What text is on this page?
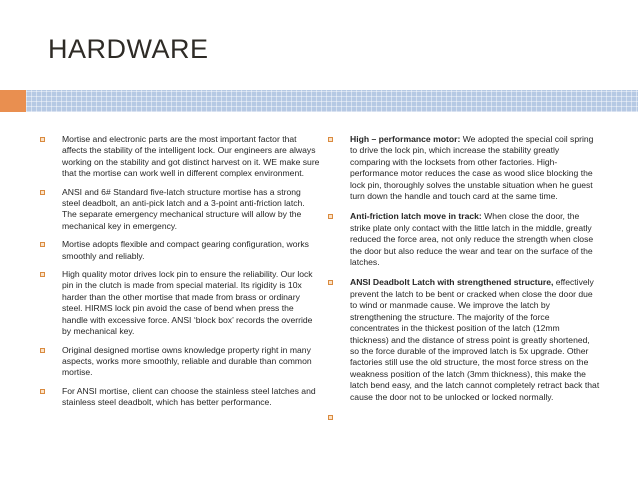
HARDWARE
Mortise and electronic parts are the most important factor that affects the stability of the intelligent lock. Our engineers are always working on the stability and got distinct harvest on it. WE make sure that the mortise can work well in different complex environment.
ANSI and 6# Standard five-latch structure mortise has a strong steel deadbolt, an anti-pick latch and a 3-point anti-friction latch. The separate emergency mechanical structure will allow by the mechanical key in emergency.
Mortise adopts flexible and compact gearing configuration, works smoothly and reliably.
High quality motor drives lock pin to ensure the reliability. Our lock pin in the clutch is made from special material. Its rigidity is 10x harder than the other mortise that made from brass or ordinary steel. HIRMS lock pin avoid the case of bend when press the handle with excessive force. ANSI ‘block box’ records the override by mechanical key.
Original designed mortise owns knowledge property right in many aspects, works more smoothly, reliable and durable than common mortise.
For ANSI mortise, client can choose the stainless steel latches and stainless steel deadbolt, which has better performance.
High – performance motor: We adopted the special coil spring to drive the lock pin, which increase the stability greatly comparing with the locksets from other factories. High-performance motor reduces the case as wood slice blocking the lock pin, thoroughly solves the unstable situation when he guest turn down the handle and touch card at the same time.
Anti-friction latch move in track: When close the door, the strike plate only contact with the little latch in the middle, greatly reduced the force area, not only reduce the strength when close the door but also reduce the wear and tear on the surface of the latches.
ANSI Deadbolt Latch with strengthened structure, effectively prevent the latch to be bent or cracked when close the door due to wind or manmade cause. We improve the latch by strengthening the structure. The majority of the force concentrates in the thickest position of the latch (12mm thickness) and the distance of stress point is greatly shortened, so the force durable of the improved latch is 5x upgrade. Other factories still use the old structure, the most force stress on the weakness position of the latch (3mm thickness), this make the latch bend easy, and the latch cannot completely retract back that cause the door not to be unlocked or locked normally.
